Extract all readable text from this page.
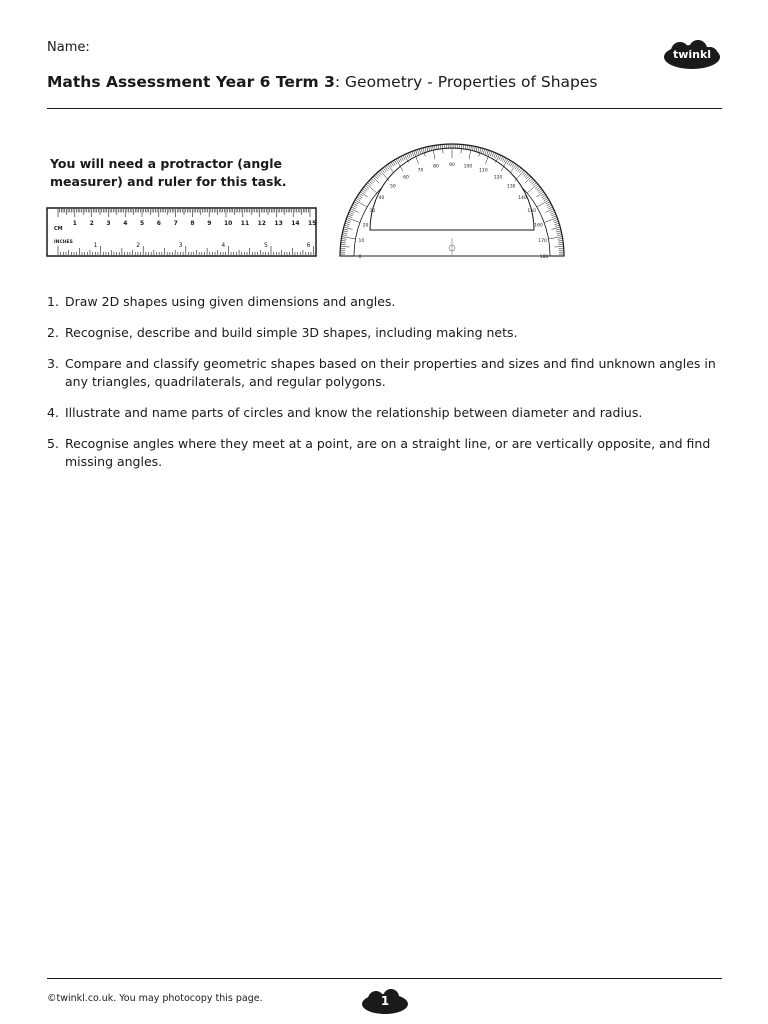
Name:	twinkl
Maths Assessment Year 6 Term 3: Geometry - Properties of Shapes
You will need a protractor (angle measurer) and ruler for this task.
1 2 3 4 5 6 7 8 9 10 11 12 13 14 15
1	2	3	4	5	6
CM
INCHES
0
10
20
30
40
50
60
70
80 90 100
110
120
130
140
150
160
170
180
1. Draw 2D shapes using given dimensions and angles.
2. Recognise, describe and build simple 3D shapes, including making nets.
3. Compare and classify geometric shapes based on their properties and sizes and find unknown angles in any triangles, quadrilaterals, and regular polygons.
4. Illustrate and name parts of circles and know the relationship between diameter and radius.
5. Recognise angles where they meet at a point, are on a straight line, or are vertically opposite, and find missing angles.
©twinkl.co.uk. You may photocopy this page.	1
